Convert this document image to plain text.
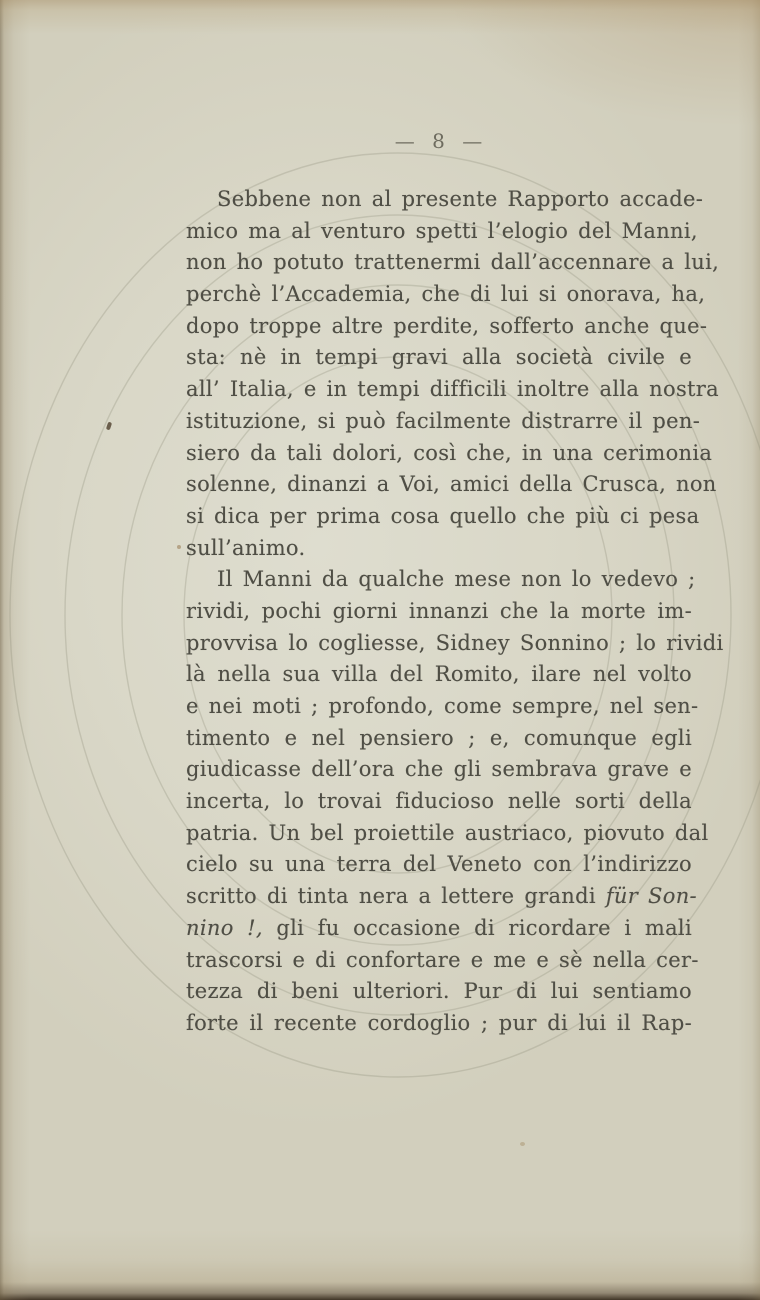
— 8 —
Sebbene non al presente Rapporto accade-
mico ma al venturo spetti l’elogio del Manni,
non ho potuto trattenermi dall’accennare a lui,
perchè l’Accademia, che di lui si onorava, ha,
dopo troppe altre perdite, sofferto anche que-
sta: nè in tempi gravi alla società civile e
all’ Italia, e in tempi difficili inoltre alla nostra
istituzione, si può facilmente distrarre il pen-
siero da tali dolori, così che, in una cerimonia
solenne, dinanzi a Voi, amici della Crusca, non
si dica per prima cosa quello che più ci pesa
sull’animo.
Il Manni da qualche mese non lo vedevo ;
rividi, pochi giorni innanzi che la morte im-
provvisa lo cogliesse, Sidney Sonnino ; lo rividi
là nella sua villa del Romito, ilare nel volto
e nei moti ; profondo, come sempre, nel sen-
timento e nel pensiero ; e, comunque egli
giudicasse dell’ora che gli sembrava grave e
incerta, lo trovai fiducioso nelle sorti della
patria. Un bel proiettile austriaco, piovuto dal
cielo su una terra del Veneto con l’indirizzo
scritto di tinta nera a lettere grandi für Son-
nino !, gli fu occasione di ricordare i mali
trascorsi e di confortare e me e sè nella cer-
tezza di beni ulteriori. Pur di lui sentiamo
forte il recente cordoglio ; pur di lui il Rap-
